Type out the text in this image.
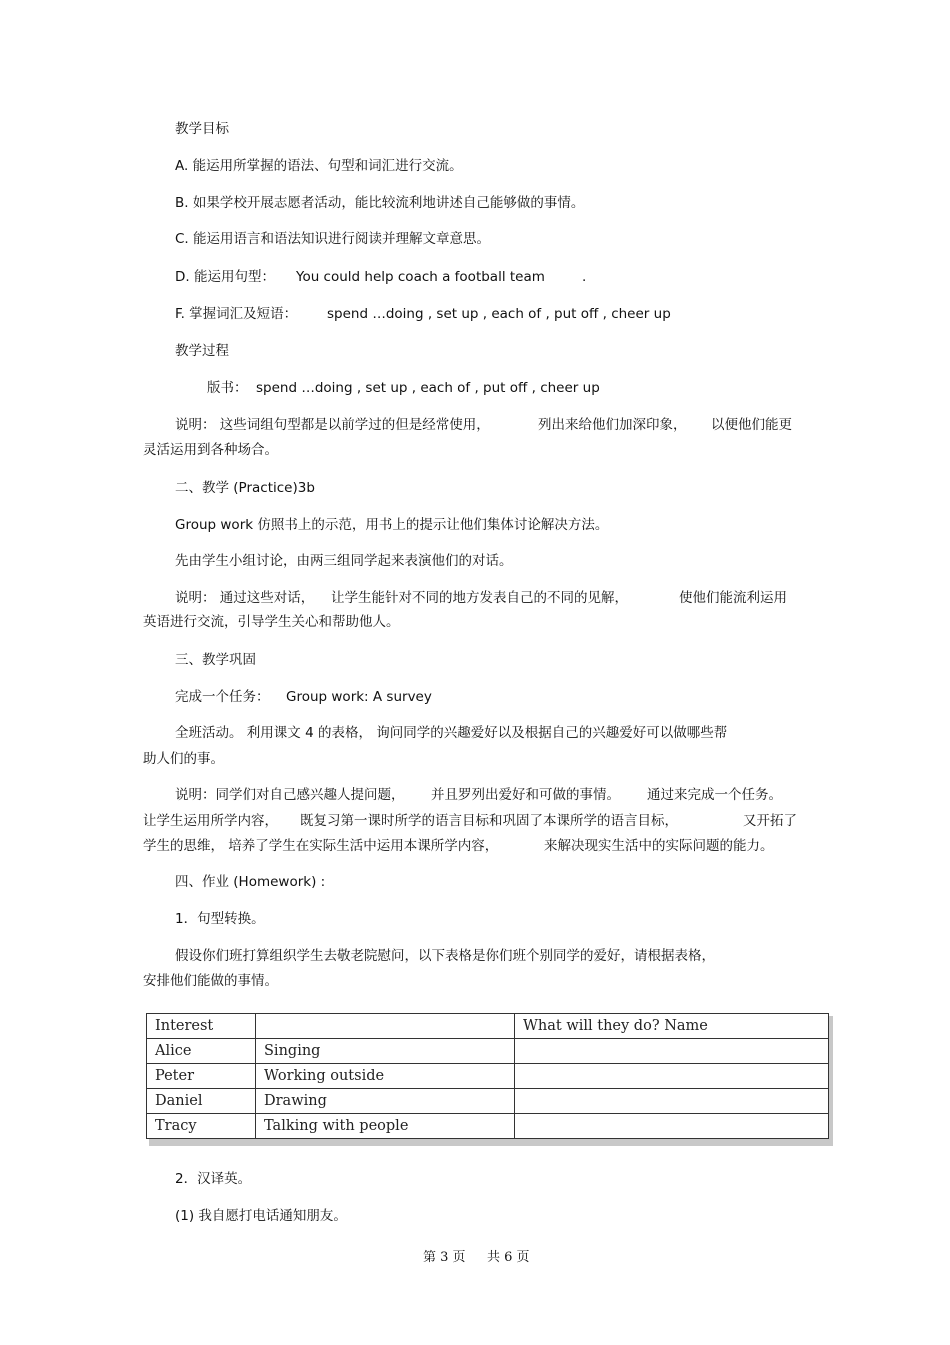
教学目标
A. 能运用所掌握的语法、句型和词汇进行交流。
B. 如果学校开展志愿者活动，能比较流利地讲述自己能够做的事情。
C. 能运用语言和语法知识进行阅读并理解文章意思。
D. 能运用句型： You could help coach a football team	.
F. 掌握词汇及短语： spend …doing , set up , each of , put off , cheer up
教学过程
版书： spend …doing , set up , each of , put off , cheer up
说明： 这些词组句型都是以前学过的但是经常使用，	列出来给他们加深印象， 以便他们能更
灵活运用到各种场合。
二、教学 (Practice)3b
Group work 仿照书上的示范，用书上的提示让他们集体讨论解决方法。
先由学生小组讨论，由两三组同学起来表演他们的对话。
说明： 通过这些对话， 让学生能针对不同的地方发表自己的不同的见解，	使他们能流利运用
英语进行交流，引导学生关心和帮助他人。
三、教学巩固
完成一个任务： Group work: A survey
全班活动。 利用课文 4 的表格， 询问同学的兴趣爱好以及根据自己的兴趣爱好可以做哪些帮
助人们的事。
说明：同学们对自己感兴趣人提问题， 并且罗列出爱好和可做的事情。 通过来完成一个任务。
让学生运用所学内容， 既复习第一课时所学的语言目标和巩固了本课所学的语言目标，	又开拓了
学生的思维， 培养了学生在实际生活中运用本课所学内容，	来解决现实生活中的实际问题的能力。
四、作业 (Homework) :
1．句型转换。
假设你们班打算组织学生去敬老院慰问，以下表格是你们班个别同学的爱好，请根据表格，
安排他们能做的事情。
Interest		What will they do? Name
Alice	Singing	
Peter	Working outside	
Daniel	Drawing	
Tracy	Talking with people	
2．汉译英。
(1) 我自愿打电话通知朋友。
第 3 页 共 6 页
